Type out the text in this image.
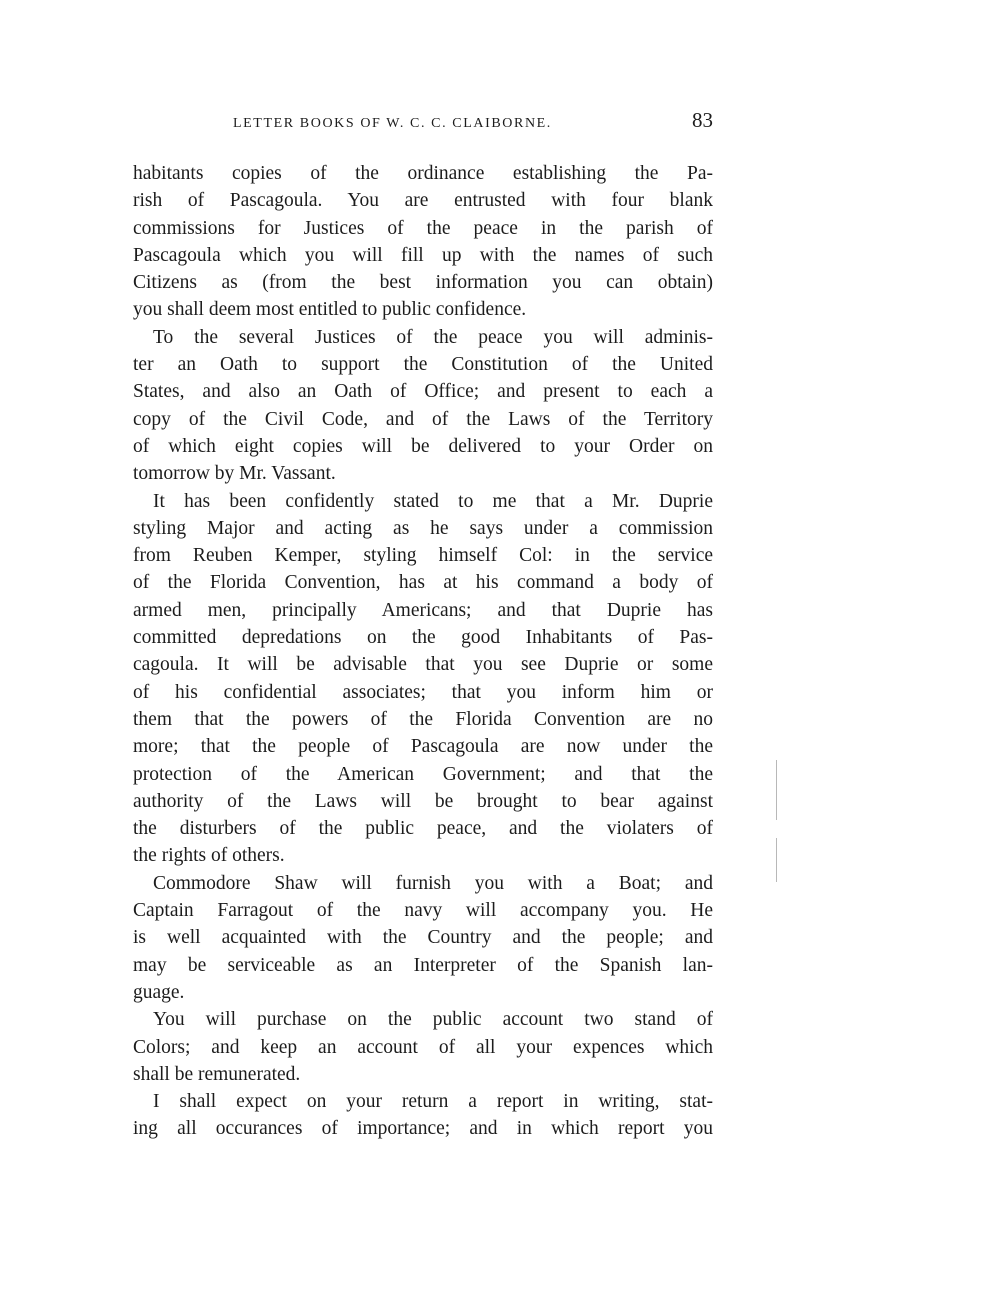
LETTER BOOKS OF W. C. C. CLAIBORNE.	83
habitants copies of the ordinance establishing the Pa-
rish of Pascagoula. You are entrusted with four blank
commissions for Justices of the peace in the parish of
Pascagoula which you will fill up with the names of such
Citizens as (from the best information you can obtain)
you shall deem most entitled to public confidence.
To the several Justices of the peace you will adminis-
ter an Oath to support the Constitution of the United
States, and also an Oath of Office; and present to each a
copy of the Civil Code, and of the Laws of the Territory
of which eight copies will be delivered to your Order on
tomorrow by Mr. Vassant.
It has been confidently stated to me that a Mr. Duprie
styling Major and acting as he says under a commission
from Reuben Kemper, styling himself Col: in the service
of the Florida Convention, has at his command a body of
armed men, principally Americans; and that Duprie has
committed depredations on the good Inhabitants of Pas-
cagoula. It will be advisable that you see Duprie or some
of his confidential associates; that you inform him or
them that the powers of the Florida Convention are no
more; that the people of Pascagoula are now under the
protection of the American Government; and that the
authority of the Laws will be brought to bear against
the disturbers of the public peace, and the violaters of
the rights of others.
Commodore Shaw will furnish you with a Boat; and
Captain Farragout of the navy will accompany you. He
is well acquainted with the Country and the people; and
may be serviceable as an Interpreter of the Spanish lan-
guage.
You will purchase on the public account two stand of
Colors; and keep an account of all your expences which
shall be remunerated.
I shall expect on your return a report in writing, stat-
ing all occurances of importance; and in which report you
